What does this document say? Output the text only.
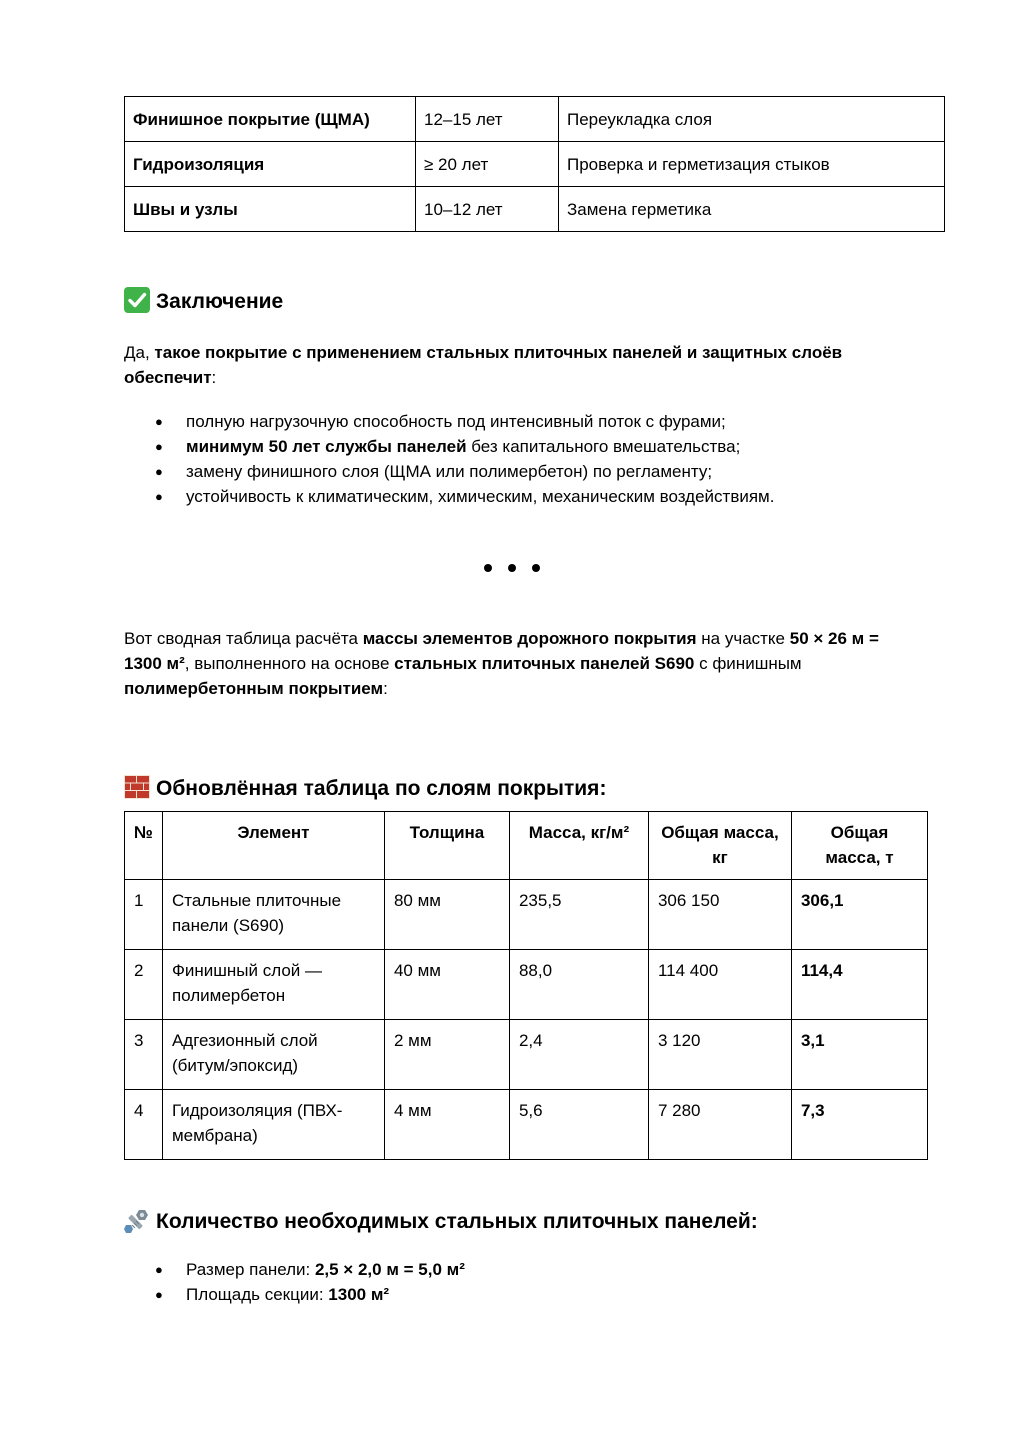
Финишное покрытие (ЩМА)	12–15 лет	Переукладка слоя
Гидроизоляция	≥ 20 лет	Проверка и герметизация стыков
Швы и узлы	10–12 лет	Замена герметика
Заключение

Да, такое покрытие с применением стальных плиточных панелей и защитных слоёв обеспечит:

● полную нагрузочную способность под интенсивный поток с фурами;
● минимум 50 лет службы панелей без капитального вмешательства;
● замену финишного слоя (ЩМА или полимербетон) по регламенту;
● устойчивость к климатическим, химическим, механическим воздействиям.

Вот сводная таблица расчёта массы элементов дорожного покрытия на участке 50 × 26 м = 1300 м², выполненного на основе стальных плиточных панелей S690 с финишным полимербетонным покрытием:

Обновлённая таблица по слоям покрытия:
№	Элемент	Толщина	Масса, кг/м²	Общая масса, кг	Общая масса, т
1	Стальные плиточные панели (S690)	80 мм	235,5	306 150	306,1
2	Финишный слой — полимербетон	40 мм	88,0	114 400	114,4
3	Адгезионный слой (битум/эпоксид)	2 мм	2,4	3 120	3,1
4	Гидроизоляция (ПВХ-мембрана)	4 мм	5,6	7 280	7,3
Количество необходимых стальных плиточных панелей:
● Размер панели: 2,5 × 2,0 м = 5,0 м²
● Площадь секции: 1300 м²
